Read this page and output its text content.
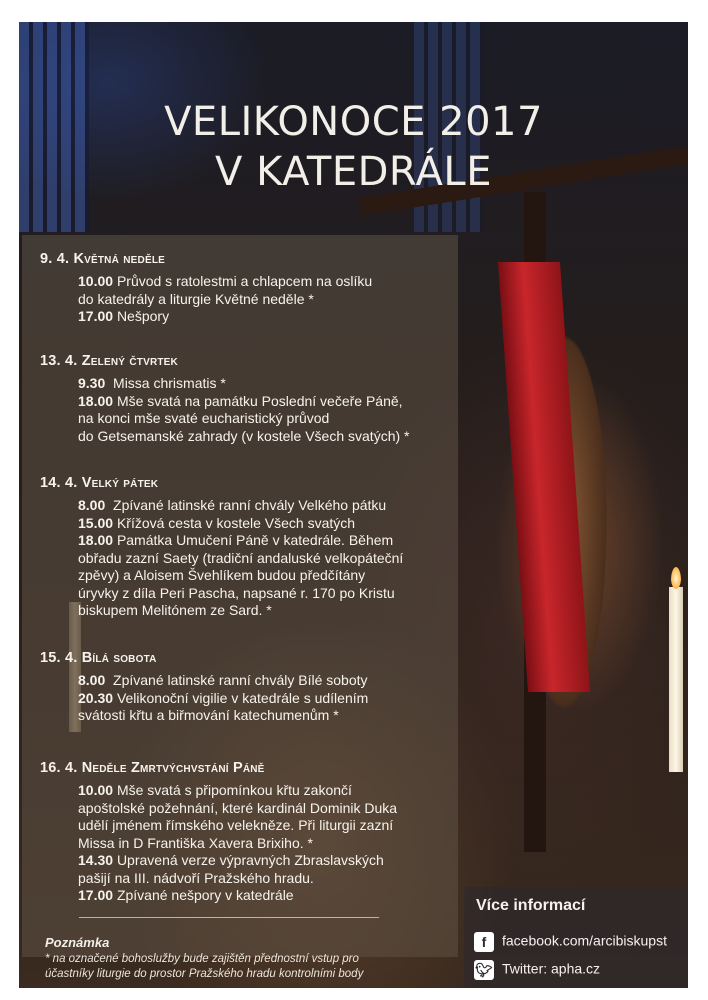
VELIKONOCE 2017
V KATEDRÁLE
9. 4. Květná neděle
10.00 Průvod s ratolestmi a chlapcem na oslíku
do katedrály a liturgie Květné neděle *
17.00 Nešpory
13. 4. Zelený čtvrtek
9.30 Missa chrismatis *
18.00 Mše svatá na památku Poslední večeře Páně,
na konci mše svaté eucharistický průvod
do Getsemanské zahrady (v kostele Všech svatých) *
14. 4. Velký pátek
8.00 Zpívané latinské ranní chvály Velkého pátku
15.00 Křížová cesta v kostele Všech svatých
18.00 Památka Umučení Páně v katedrále. Během
obřadu zazní Saety (tradiční andaluské velkopáteční
zpěvy) a Aloisem Švehlíkem budou předčítány
úryvky z díla Peri Pascha, napsané r. 170 po Kristu
biskupem Melitónem ze Sard. *
15. 4. Bílá sobota
8.00 Zpívané latinské ranní chvály Bílé soboty
20.30 Velikonoční vigilie v katedrále s udílením
svátosti křtu a biřmování katechumenům *
16. 4. Neděle Zmrtvýchvstání Páně
10.00 Mše svatá s připomínkou křtu zakončí
apoštolské požehnání, které kardinál Dominik Duka
udělí jménem římského velekněze. Při liturgii zazní
Missa in D Františka Xavera Brixiho. *
14.30 Upravená verze výpravných Zbraslavských
pašijí na III. nádvoří Pražského hradu.
17.00 Zpívané nešpory v katedrále
Poznámka
* na označené bohoslužby bude zajištěn přednostní vstup pro
účastníky liturgie do prostor Pražského hradu kontrolními body
Více informací
f facebook.com/arcibiskupst
🐦︎ Twitter: apha.cz
